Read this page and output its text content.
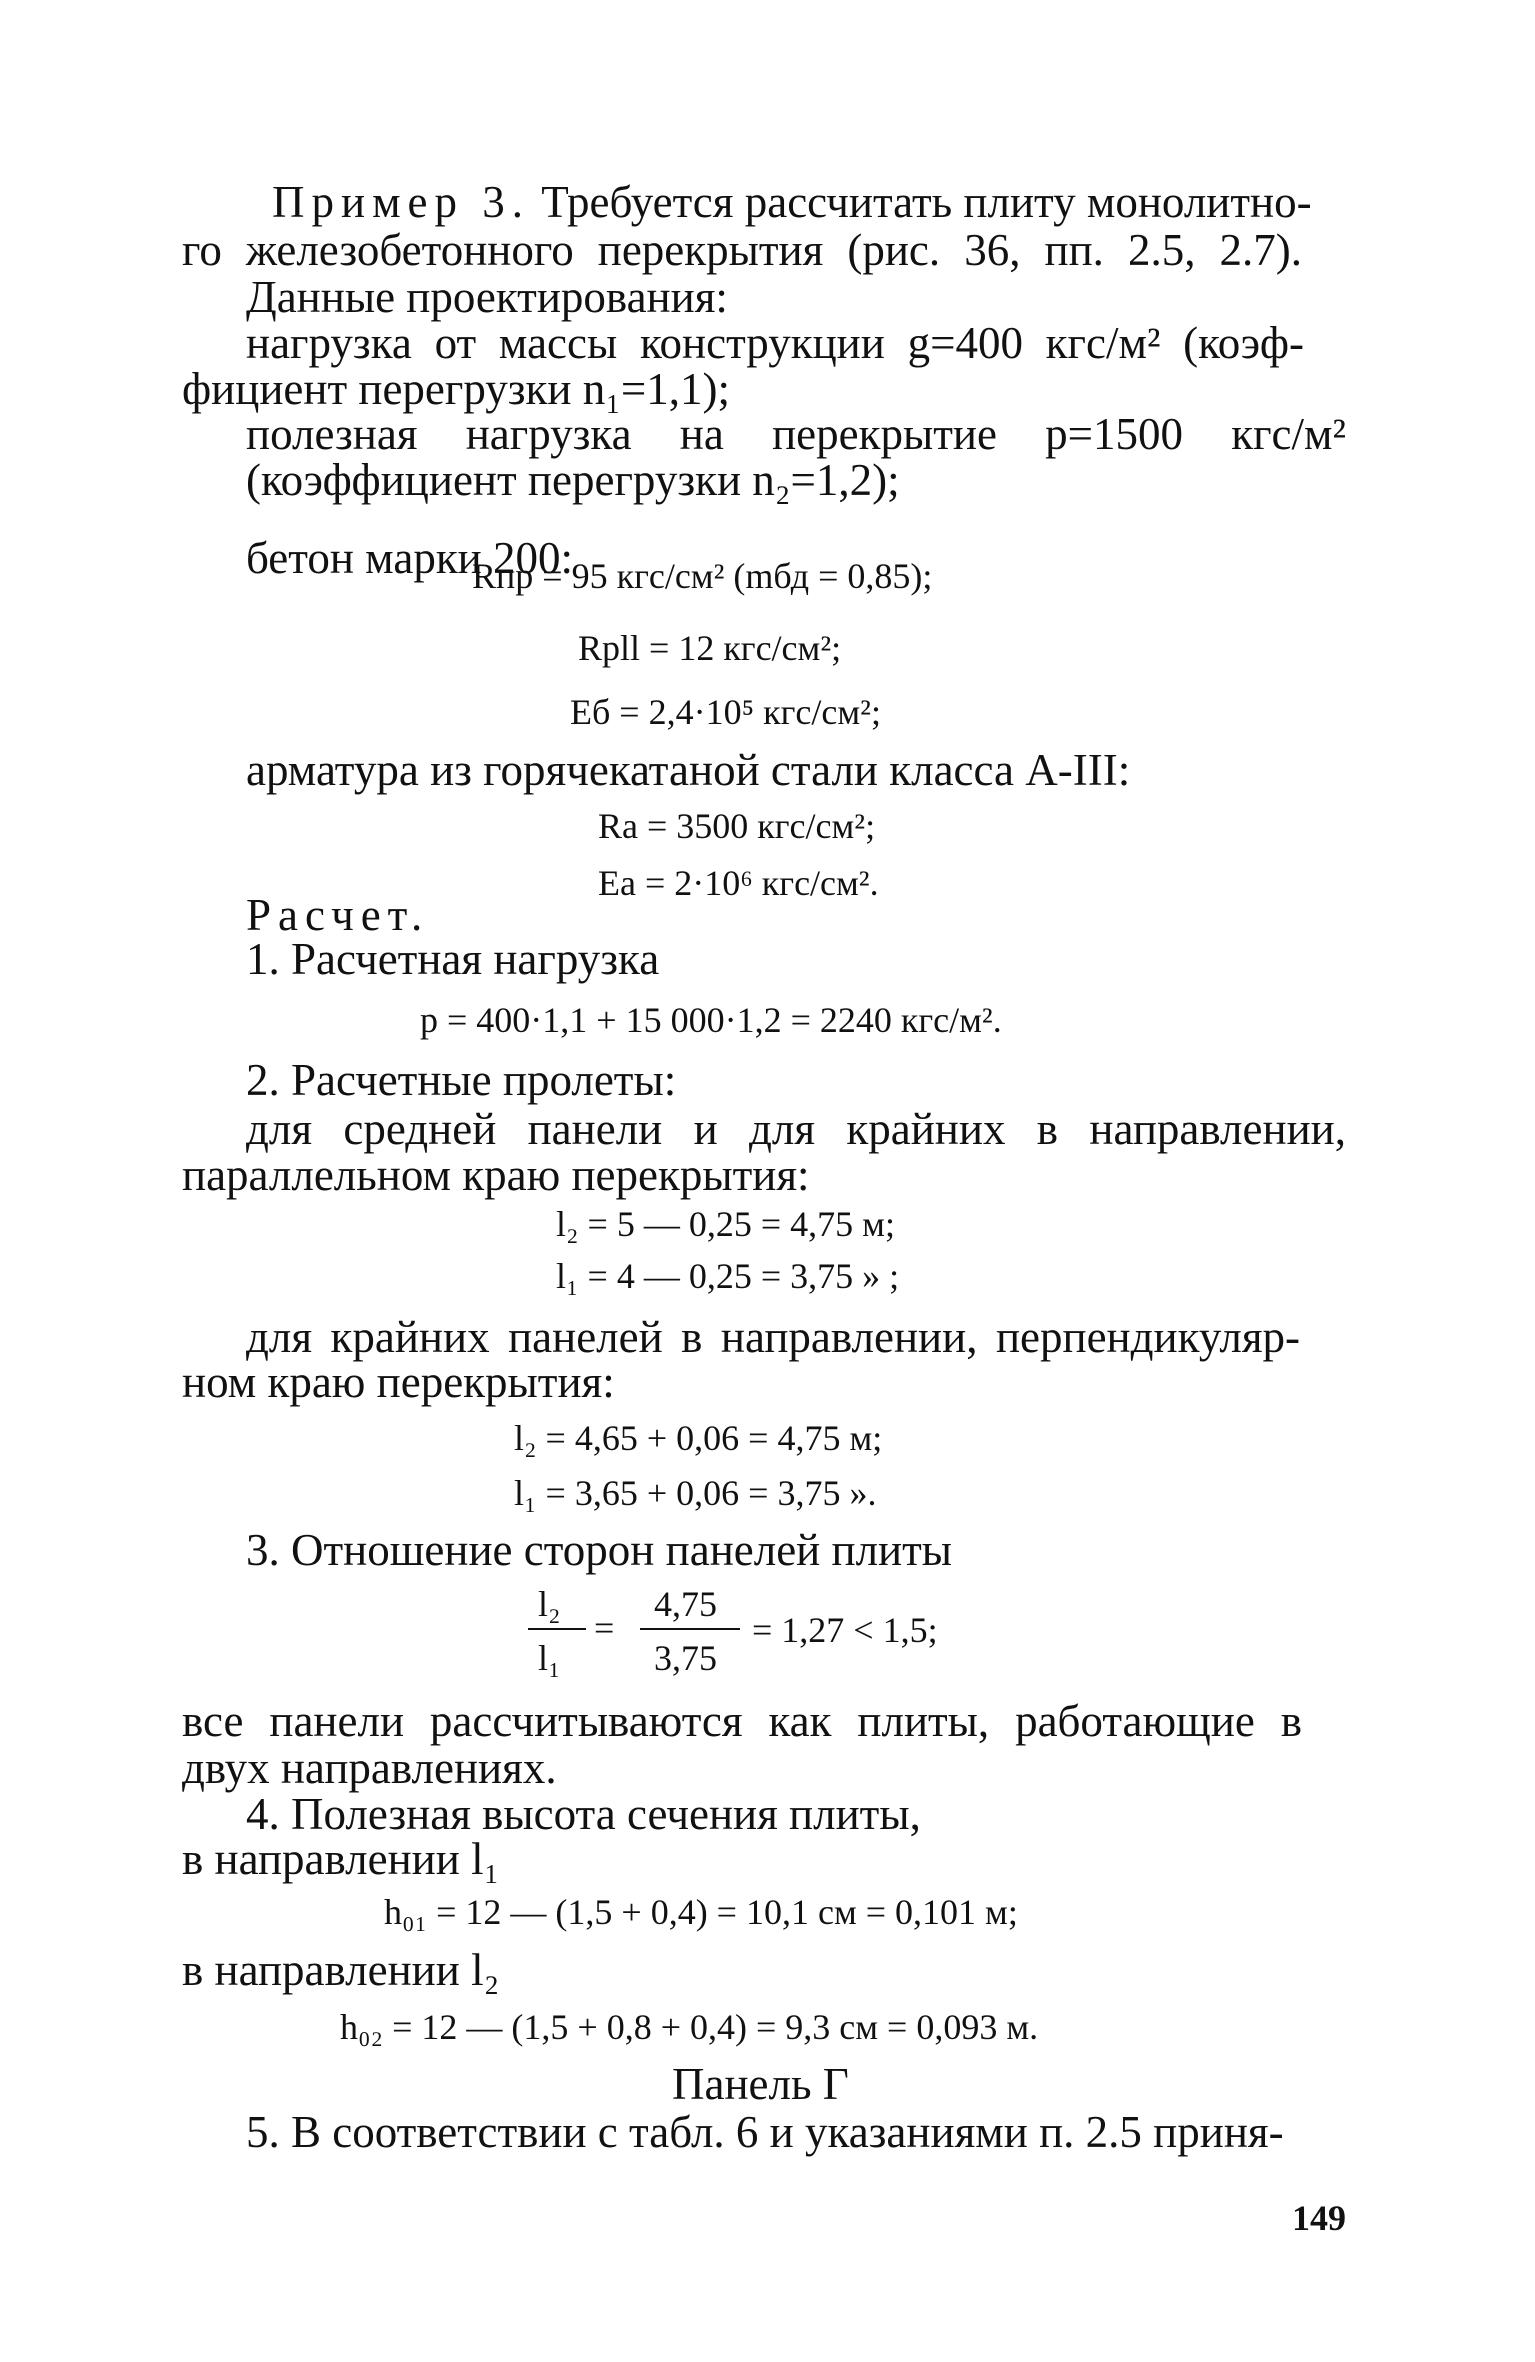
Пример 3. Требуется рассчитать плиту монолитно-
го железобетонного перекрытия (рис. 36, пп. 2.5, 2.7).
Данные проектирования:
нагрузка от массы конструкции g=400 кгс/м² (коэф-
фициент перегрузки n₁=1,1);
полезная нагрузка на перекрытие p=1500 кгс/м²
(коэффициент перегрузки n₂=1,2);
бетон марки 200:
Rпр = 95 кгс/см² (mбд = 0,85);
Rрll = 12 кгс/см²;
Eб = 2,4·10⁵ кгс/см²;
арматура из горячекатаной стали класса А-III:
Rа = 3500 кгс/см²;
Eа = 2·10⁶ кгс/см².
Расчет.
1. Расчетная нагрузка
p = 400·1,1 + 15 000·1,2 = 2240 кгс/м².
2. Расчетные пролеты:
для средней панели и для крайних в направлении,
параллельном краю перекрытия:
l₂ = 5 — 0,25 = 4,75 м;
l₁ = 4 — 0,25 = 3,75 » ;
для крайних панелей в направлении, перпендикуляр-
ном краю перекрытия:
l₂ = 4,65 + 0,06 = 4,75 м;
l₁ = 3,65 + 0,06 = 3,75 ».
3. Отношение сторон панелей плиты
l₂
l₁
=
4,75
3,75
= 1,27 < 1,5;
все панели рассчитываются как плиты, работающие в
двух направлениях.
4. Полезная высота сечения плиты,
в направлении l₁
h₀₁ = 12 — (1,5 + 0,4) = 10,1 см = 0,101 м;
в направлении l₂
h₀₂ = 12 — (1,5 + 0,8 + 0,4) = 9,3 см = 0,093 м.
Панель Г
5. В соответствии с табл. 6 и указаниями п. 2.5 приня-
149
